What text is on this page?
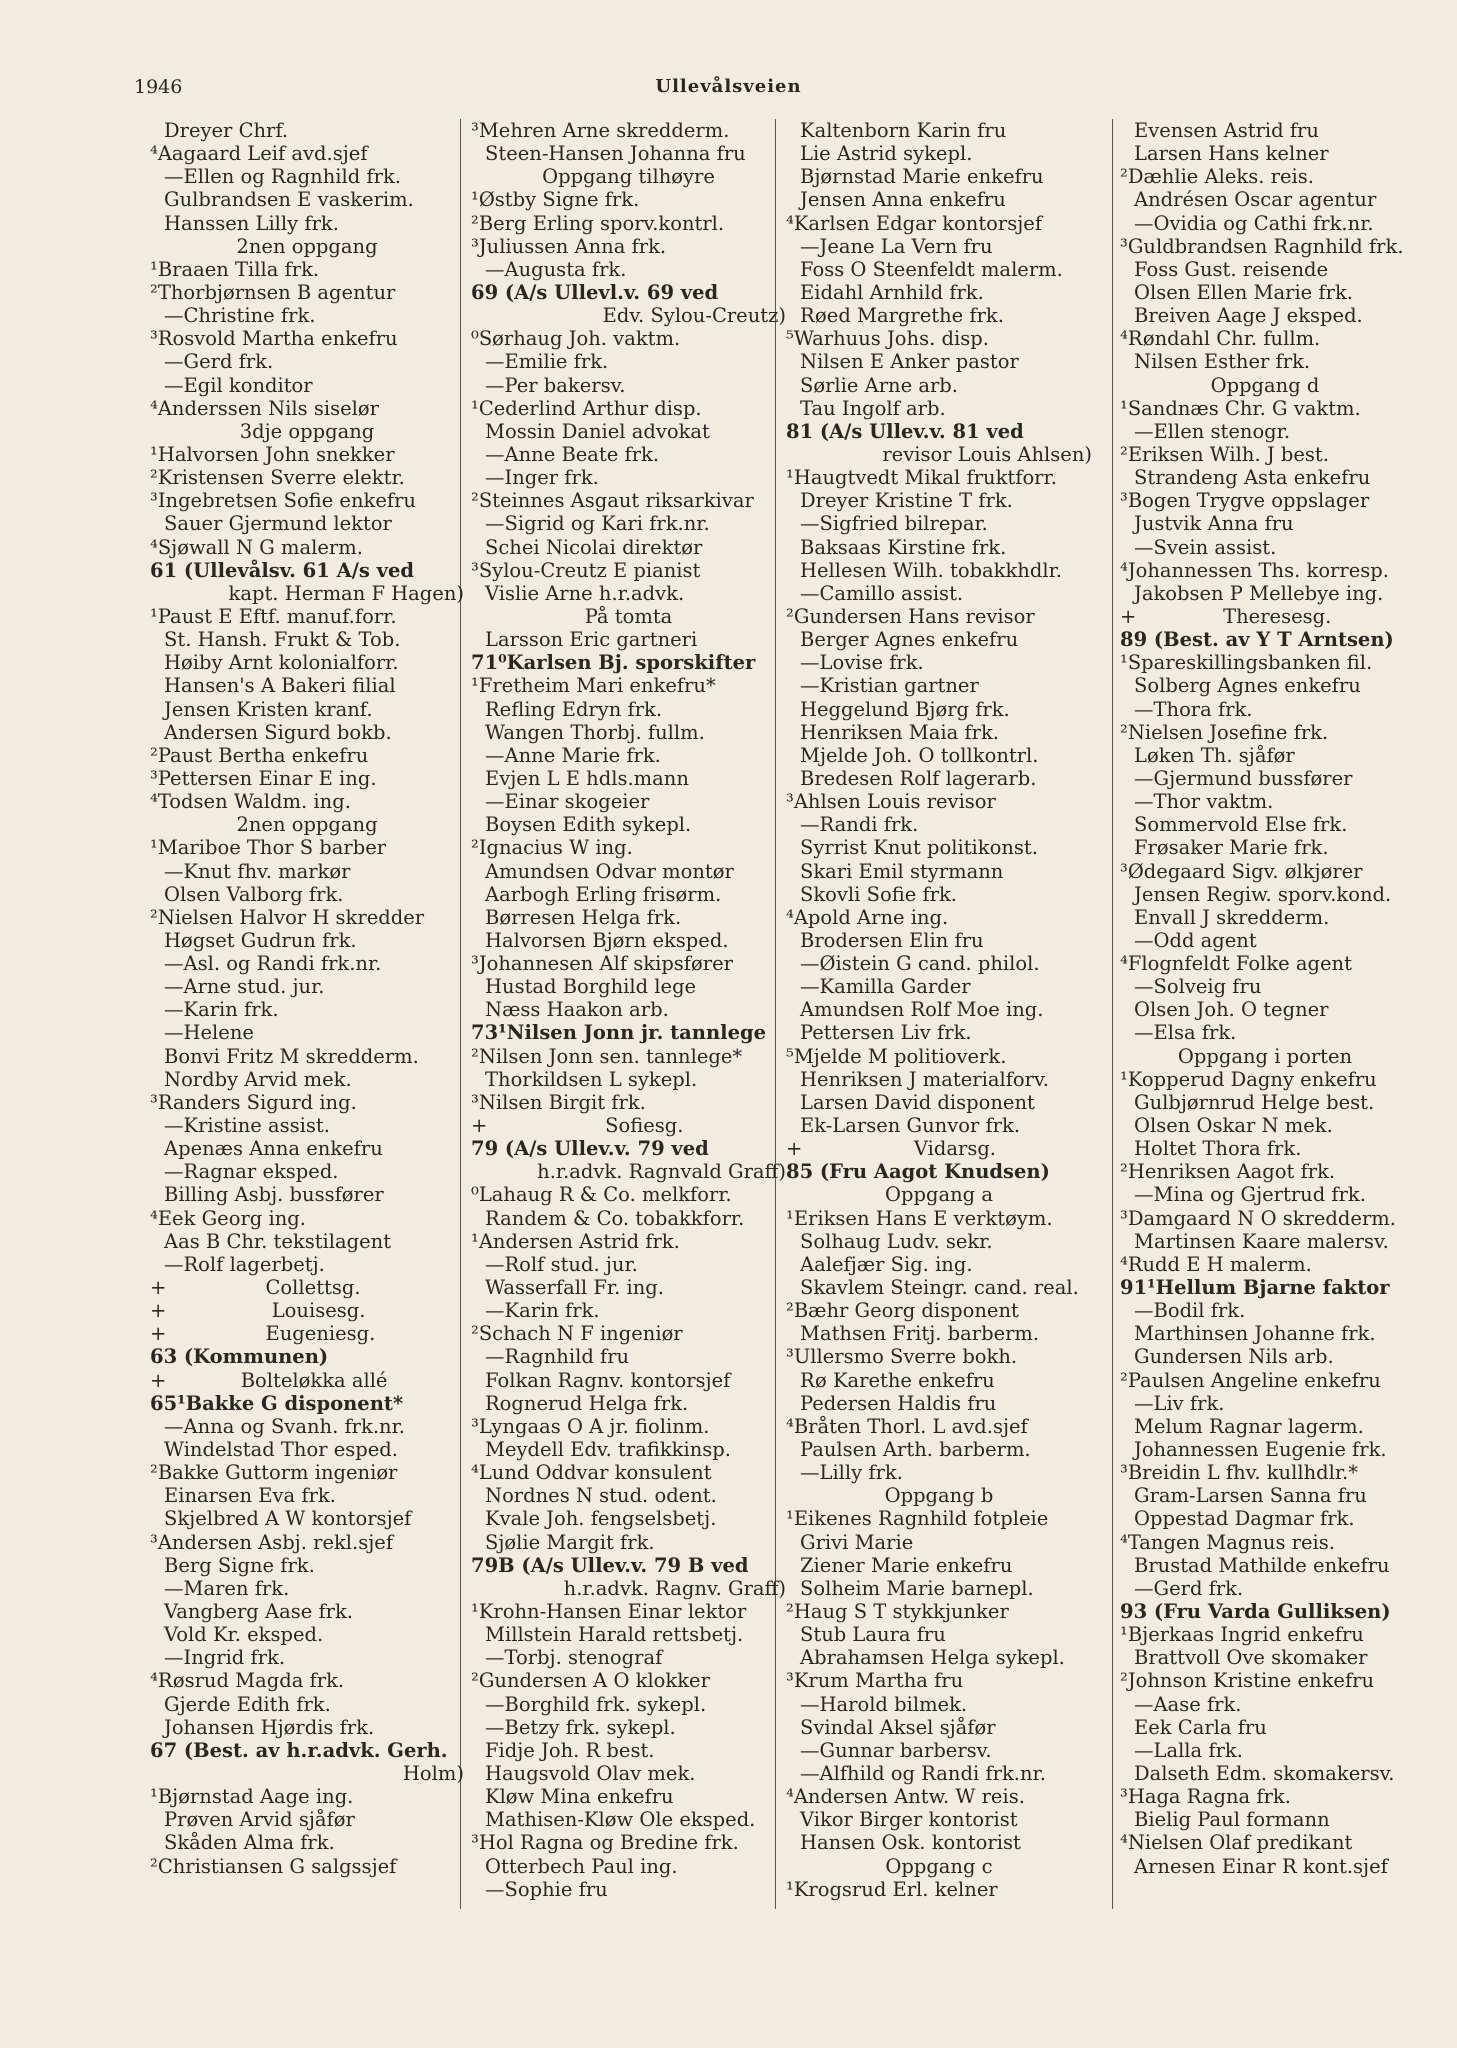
1946	Ullevålsveien
Dreyer Chrf.
⁴Aagaard Leif avd.sjef
—Ellen og Ragnhild frk.
Gulbrandsen E vaskerim.
Hanssen Lilly frk.
2nen oppgang
¹Braaen Tilla frk.
²Thorbjørnsen B agentur
—Christine frk.
³Rosvold Martha enkefru
—Gerd frk.
—Egil konditor
⁴Anderssen Nils siselør
3dje oppgang
¹Halvorsen John snekker
²Kristensen Sverre elektr.
³Ingebretsen Sofie enkefru
Sauer Gjermund lektor
⁴Sjøwall N G malerm.
61 (Ullevålsv. 61 A/s ved
kapt. Herman F Hagen)
¹Paust E Eftf. manuf.forr.
St. Hansh. Frukt & Tob.
Høiby Arnt kolonialforr.
Hansen's A Bakeri filial
Jensen Kristen kranf.
Andersen Sigurd bokb.
²Paust Bertha enkefru
³Pettersen Einar E ing.
⁴Todsen Waldm. ing.
2nen oppgang
¹Mariboe Thor S barber
—Knut fhv. markør
Olsen Valborg frk.
²Nielsen Halvor H skredder
Høgset Gudrun frk.
—Asl. og Randi frk.nr.
—Arne stud. jur.
—Karin frk.
—Helene
Bonvi Fritz M skredderm.
Nordby Arvid mek.
³Randers Sigurd ing.
—Kristine assist.
Apenæs Anna enkefru
—Ragnar eksped.
Billing Asbj. bussfører
⁴Eek Georg ing.
Aas B Chr. tekstilagent
—Rolf lagerbetj.
+                Collettsg.
+                 Louisesg.
+                Eugeniesg.
63 (Kommunen)
+            Bolteløkka allé
65¹Bakke G disponent*
—Anna og Svanh. frk.nr.
Windelstad Thor esped.
²Bakke Guttorm ingeniør
Einarsen Eva frk.
Skjelbred A W kontorsjef
³Andersen Asbj. rekl.sjef
Berg Signe frk.
—Maren frk.
Vangberg Aase frk.
Vold Kr. eksped.
—Ingrid frk.
⁴Røsrud Magda frk.
Gjerde Edith frk.
Johansen Hjørdis frk.
67 (Best. av h.r.advk. Gerh.
Holm)
¹Bjørnstad Aage ing.
Prøven Arvid sjåfør
Skåden Alma frk.
²Christiansen G salgssjef
³Mehren Arne skredderm.
Steen-Hansen Johanna fru
Oppgang tilhøyre
¹Østby Signe frk.
²Berg Erling sporv.kontrl.
³Juliussen Anna frk.
—Augusta frk.
69 (A/s Ullevl.v. 69 ved
Edv. Sylou-Creutz)
⁰Sørhaug Joh. vaktm.
—Emilie frk.
—Per bakersv.
¹Cederlind Arthur disp.
Mossin Daniel advokat
—Anne Beate frk.
—Inger frk.
²Steinnes Asgaut riksarkivar
—Sigrid og Kari frk.nr.
Schei Nicolai direktør
³Sylou-Creutz E pianist
Vislie Arne h.r.advk.
På tomta
Larsson Eric gartneri
71⁰Karlsen Bj. sporskifter
¹Fretheim Mari enkefru*
Refling Edryn frk.
Wangen Thorbj. fullm.
—Anne Marie frk.
Evjen L E hdls.mann
—Einar skogeier
Boysen Edith sykepl.
²Ignacius W ing.
Amundsen Odvar montør
Aarbogh Erling frisørm.
Børresen Helga frk.
Halvorsen Bjørn eksped.
³Johannesen Alf skipsfører
Hustad Borghild lege
Næss Haakon arb.
73¹Nilsen Jonn jr. tannlege
²Nilsen Jonn sen. tannlege*
Thorkildsen L sykepl.
³Nilsen Birgit frk.
+                   Sofiesg.
79 (A/s Ullev.v. 79 ved
h.r.advk. Ragnvald Graff)
⁰Lahaug R & Co. melkforr.
Randem & Co. tobakkforr.
¹Andersen Astrid frk.
—Rolf stud. jur.
Wasserfall Fr. ing.
—Karin frk.
²Schach N F ingeniør
—Ragnhild fru
Folkan Ragnv. kontorsjef
Rognerud Helga frk.
³Lyngaas O A jr. fiolinm.
Meydell Edv. trafikkinsp.
⁴Lund Oddvar konsulent
Nordnes N stud. odent.
Kvale Joh. fengselsbetj.
Sjølie Margit frk.
79B (A/s Ullev.v. 79 B ved
h.r.advk. Ragnv. Graff)
¹Krohn-Hansen Einar lektor
Millstein Harald rettsbetj.
—Torbj. stenograf
²Gundersen A O klokker
—Borghild frk. sykepl.
—Betzy frk. sykepl.
Fidje Joh. R best.
Haugsvold Olav mek.
Kløw Mina enkefru
Mathisen-Kløw Ole eksped.
³Hol Ragna og Bredine frk.
Otterbech Paul ing.
—Sophie fru
Kaltenborn Karin fru
Lie Astrid sykepl.
Bjørnstad Marie enkefru
Jensen Anna enkefru
⁴Karlsen Edgar kontorsjef
—Jeane La Vern fru
Foss O Steenfeldt malerm.
Eidahl Arnhild frk.
Røed Margrethe frk.
⁵Warhuus Johs. disp.
Nilsen E Anker pastor
Sørlie Arne arb.
Tau Ingolf arb.
81 (A/s Ullev.v. 81 ved
revisor Louis Ahlsen)
¹Haugtvedt Mikal fruktforr.
Dreyer Kristine T frk.
—Sigfried bilrepar.
Baksaas Kirstine frk.
Hellesen Wilh. tobakkhdlr.
—Camillo assist.
²Gundersen Hans revisor
Berger Agnes enkefru
—Lovise frk.
—Kristian gartner
Heggelund Bjørg frk.
Henriksen Maia frk.
Mjelde Joh. O tollkontrl.
Bredesen Rolf lagerarb.
³Ahlsen Louis revisor
—Randi frk.
Syrrist Knut politikonst.
Skari Emil styrmann
Skovli Sofie frk.
⁴Apold Arne ing.
Brodersen Elin fru
—Øistein G cand. philol.
—Kamilla Garder
Amundsen Rolf Moe ing.
Pettersen Liv frk.
⁵Mjelde M politioverk.
Henriksen J materialforv.
Larsen David disponent
Ek-Larsen Gunvor frk.
+                  Vidarsg.
85 (Fru Aagot Knudsen)
Oppgang a
¹Eriksen Hans E verktøym.
Solhaug Ludv. sekr.
Aalefjær Sig. ing.
Skavlem Steingr. cand. real.
²Bæhr Georg disponent
Mathsen Fritj. barberm.
³Ullersmo Sverre bokh.
Rø Karethe enkefru
Pedersen Haldis fru
⁴Bråten Thorl. L avd.sjef
Paulsen Arth. barberm.
—Lilly frk.
Oppgang b
¹Eikenes Ragnhild fotpleie
Grivi Marie
Ziener Marie enkefru
Solheim Marie barnepl.
²Haug S T stykkjunker
Stub Laura fru
Abrahamsen Helga sykepl.
³Krum Martha fru
—Harold bilmek.
Svindal Aksel sjåfør
—Gunnar barbersv.
—Alfhild og Randi frk.nr.
⁴Andersen Antw. W reis.
Vikor Birger kontorist
Hansen Osk. kontorist
Oppgang c
¹Krogsrud Erl. kelner
Evensen Astrid fru
Larsen Hans kelner
²Dæhlie Aleks. reis.
Andrésen Oscar agentur
—Ovidia og Cathi frk.nr.
³Guldbrandsen Ragnhild frk.
Foss Gust. reisende
Olsen Ellen Marie frk.
Breiven Aage J eksped.
⁴Røndahl Chr. fullm.
Nilsen Esther frk.
Oppgang d
¹Sandnæs Chr. G vaktm.
—Ellen stenogr.
²Eriksen Wilh. J best.
Strandeng Asta enkefru
³Bogen Trygve oppslager
Justvik Anna fru
—Svein assist.
⁴Johannessen Ths. korresp.
Jakobsen P Mellebye ing.
+              Theresesg.
89 (Best. av Y T Arntsen)
¹Spareskillingsbanken fil.
Solberg Agnes enkefru
—Thora frk.
²Nielsen Josefine frk.
Løken Th. sjåfør
—Gjermund bussfører
—Thor vaktm.
Sommervold Else frk.
Frøsaker Marie frk.
³Ødegaard Sigv. ølkjører
Jensen Regiw. sporv.kond.
Envall J skredderm.
—Odd agent
⁴Flognfeldt Folke agent
—Solveig fru
Olsen Joh. O tegner
—Elsa frk.
Oppgang i porten
¹Kopperud Dagny enkefru
Gulbjørnrud Helge best.
Olsen Oskar N mek.
Holtet Thora frk.
²Henriksen Aagot frk.
—Mina og Gjertrud frk.
³Damgaard N O skredderm.
Martinsen Kaare malersv.
⁴Rudd E H malerm.
91¹Hellum Bjarne faktor
—Bodil frk.
Marthinsen Johanne frk.
Gundersen Nils arb.
²Paulsen Angeline enkefru
—Liv frk.
Melum Ragnar lagerm.
Johannessen Eugenie frk.
³Breidin L fhv. kullhdlr.*
Gram-Larsen Sanna fru
Oppestad Dagmar frk.
⁴Tangen Magnus reis.
Brustad Mathilde enkefru
—Gerd frk.
93 (Fru Varda Gulliksen)
¹Bjerkaas Ingrid enkefru
Brattvoll Ove skomaker
²Johnson Kristine enkefru
—Aase frk.
Eek Carla fru
—Lalla frk.
Dalseth Edm. skomakersv.
³Haga Ragna frk.
Bielig Paul formann
⁴Nielsen Olaf predikant
Arnesen Einar R kont.sjef
